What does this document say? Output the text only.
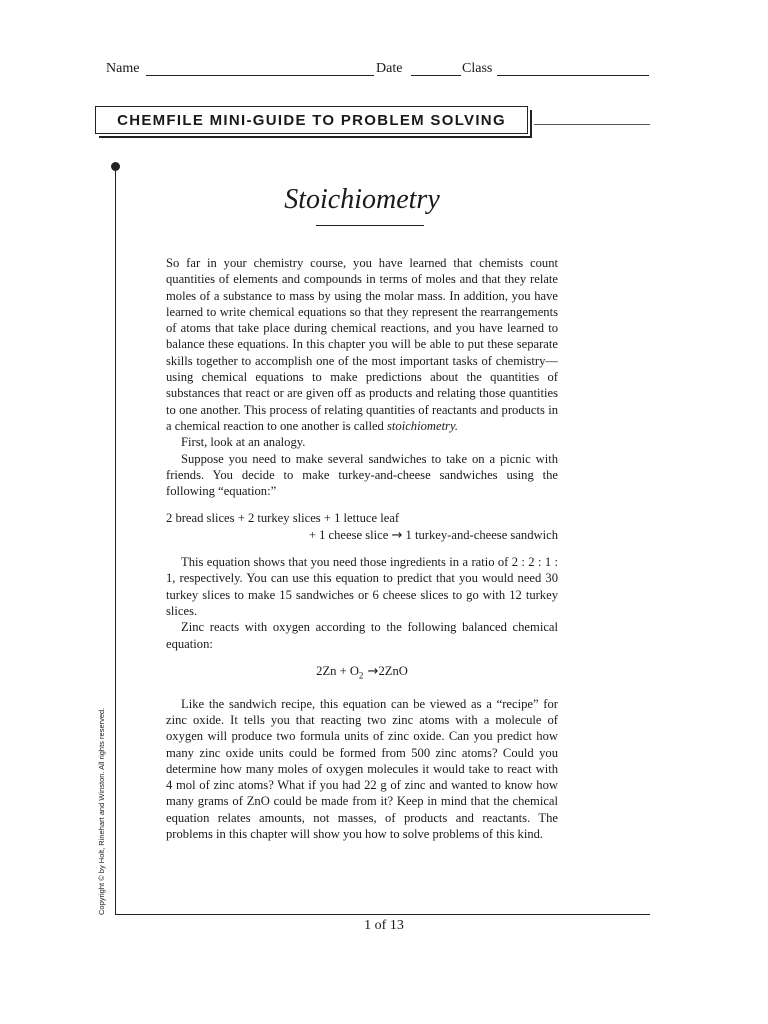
Name	Date	Class
CHEMFILE MINI-GUIDE TO PROBLEM SOLVING
Stoichiometry

So far in your chemistry course, you have learned that chemists count quantities of elements and compounds in terms of moles and that they relate moles of a substance to mass by using the molar mass. In addition, you have learned to write chemical equations so that they represent the rearrangements of atoms that take place during chemical reactions, and you have learned to balance these equations. In this chapter you will be able to put these separate skills together to accomplish one of the most important tasks of chemistry—using chemical equations to make predictions about the quantities of substances that react or are given off as products and relating those quantities to one another. This process of relating quantities of reactants and products in a chemical reaction to one another is called stoichiometry.

First, look at an analogy.

Suppose you need to make several sandwiches to take on a picnic with friends. You decide to make turkey-and-cheese sandwiches using the following “equation:”

2 bread slices + 2 turkey slices + 1 lettuce leaf
+ 1 cheese slice → 1 turkey-and-cheese sandwich

This equation shows that you need those ingredients in a ratio of 2 : 2 : 1 : 1, respectively. You can use this equation to predict that you would need 30 turkey slices to make 15 sandwiches or 6 cheese slices to go with 12 turkey slices.

Zinc reacts with oxygen according to the following balanced chemical equation:

$2Zn + O_2 \to 2ZnO$

Like the sandwich recipe, this equation can be viewed as a “recipe” for zinc oxide. It tells you that reacting two zinc atoms with a molecule of oxygen will produce two formula units of zinc oxide. Can you predict how many zinc oxide units could be formed from 500 zinc atoms? Could you determine how many moles of oxygen molecules it would take to react with 4 mol of zinc atoms? What if you had 22 g of zinc and wanted to know how many grams of ZnO could be made from it? Keep in mind that the chemical equation relates amounts, not masses, of products and reactants. The problems in this chapter will show you how to solve problems of this kind.

Copyright © by Holt, Rinehart and Winston. All rights reserved.
1 of 13
